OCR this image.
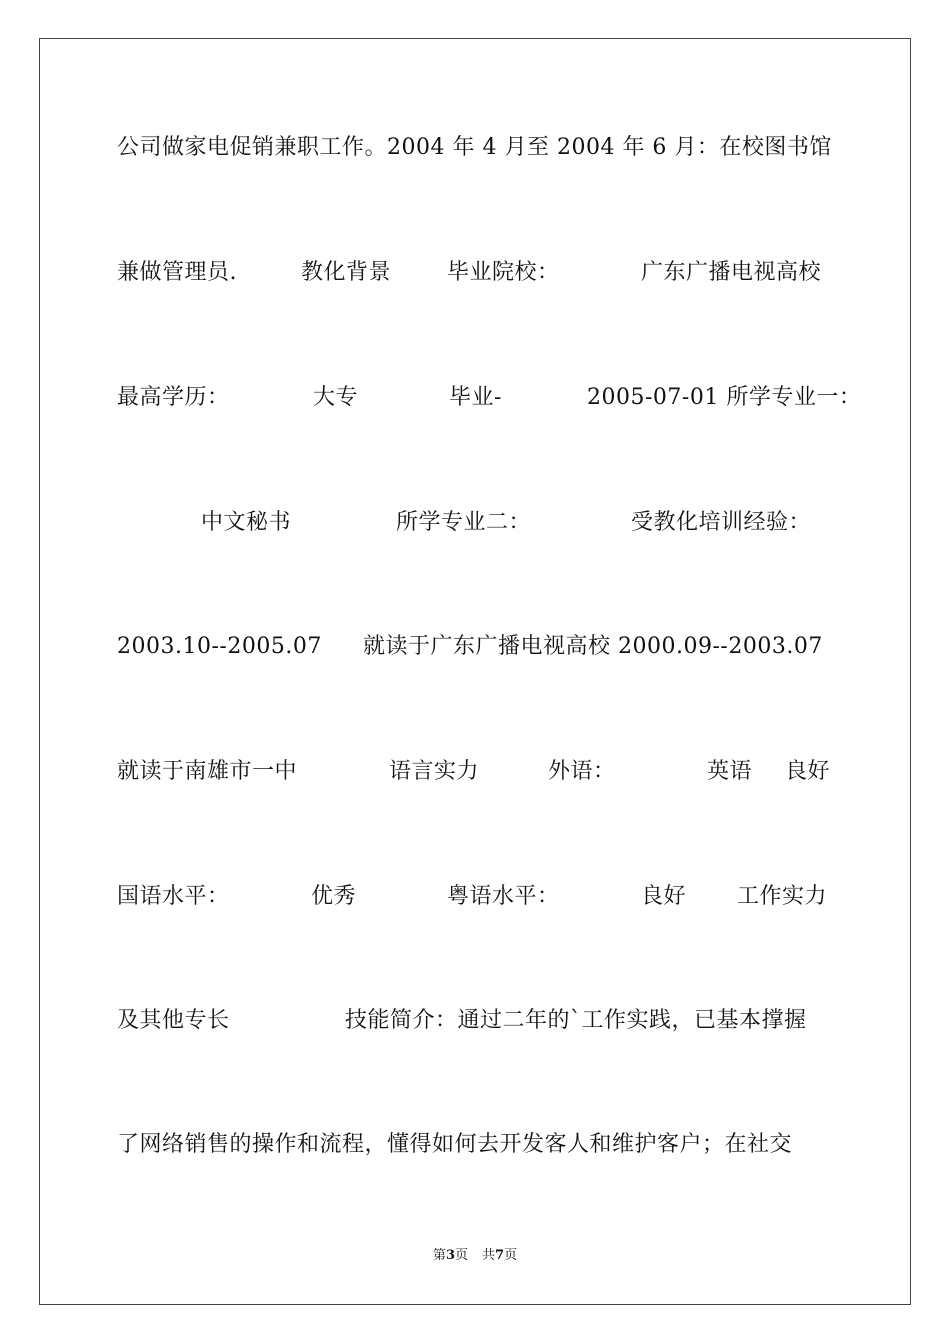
公司做家电促销兼职工作。2004 年 4 月至 2004 年 6 月：在校图书馆

兼做管理员.

	教化背景

	毕业院校：

	广东广播电视高校

最高学历：

	大专

	毕业-

	2005-07-01 所学专业一：

中文秘书

	所学专业二：

	受教化培训经验：

2003.10--2005.07

就读于广东广播电视高校 2000.09--2003.07

就读于南雄市一中

	语言实力

	外语：

	英语

良好

国语水平：

	优秀

	粤语水平：

	良好

工作实力

及其他专长

	技能简介：通过二年的`工作实践，已基本撑握

了网络销售的操作和流程，懂得如何去开发客人和维护客户；在社交

第3页 共7页
